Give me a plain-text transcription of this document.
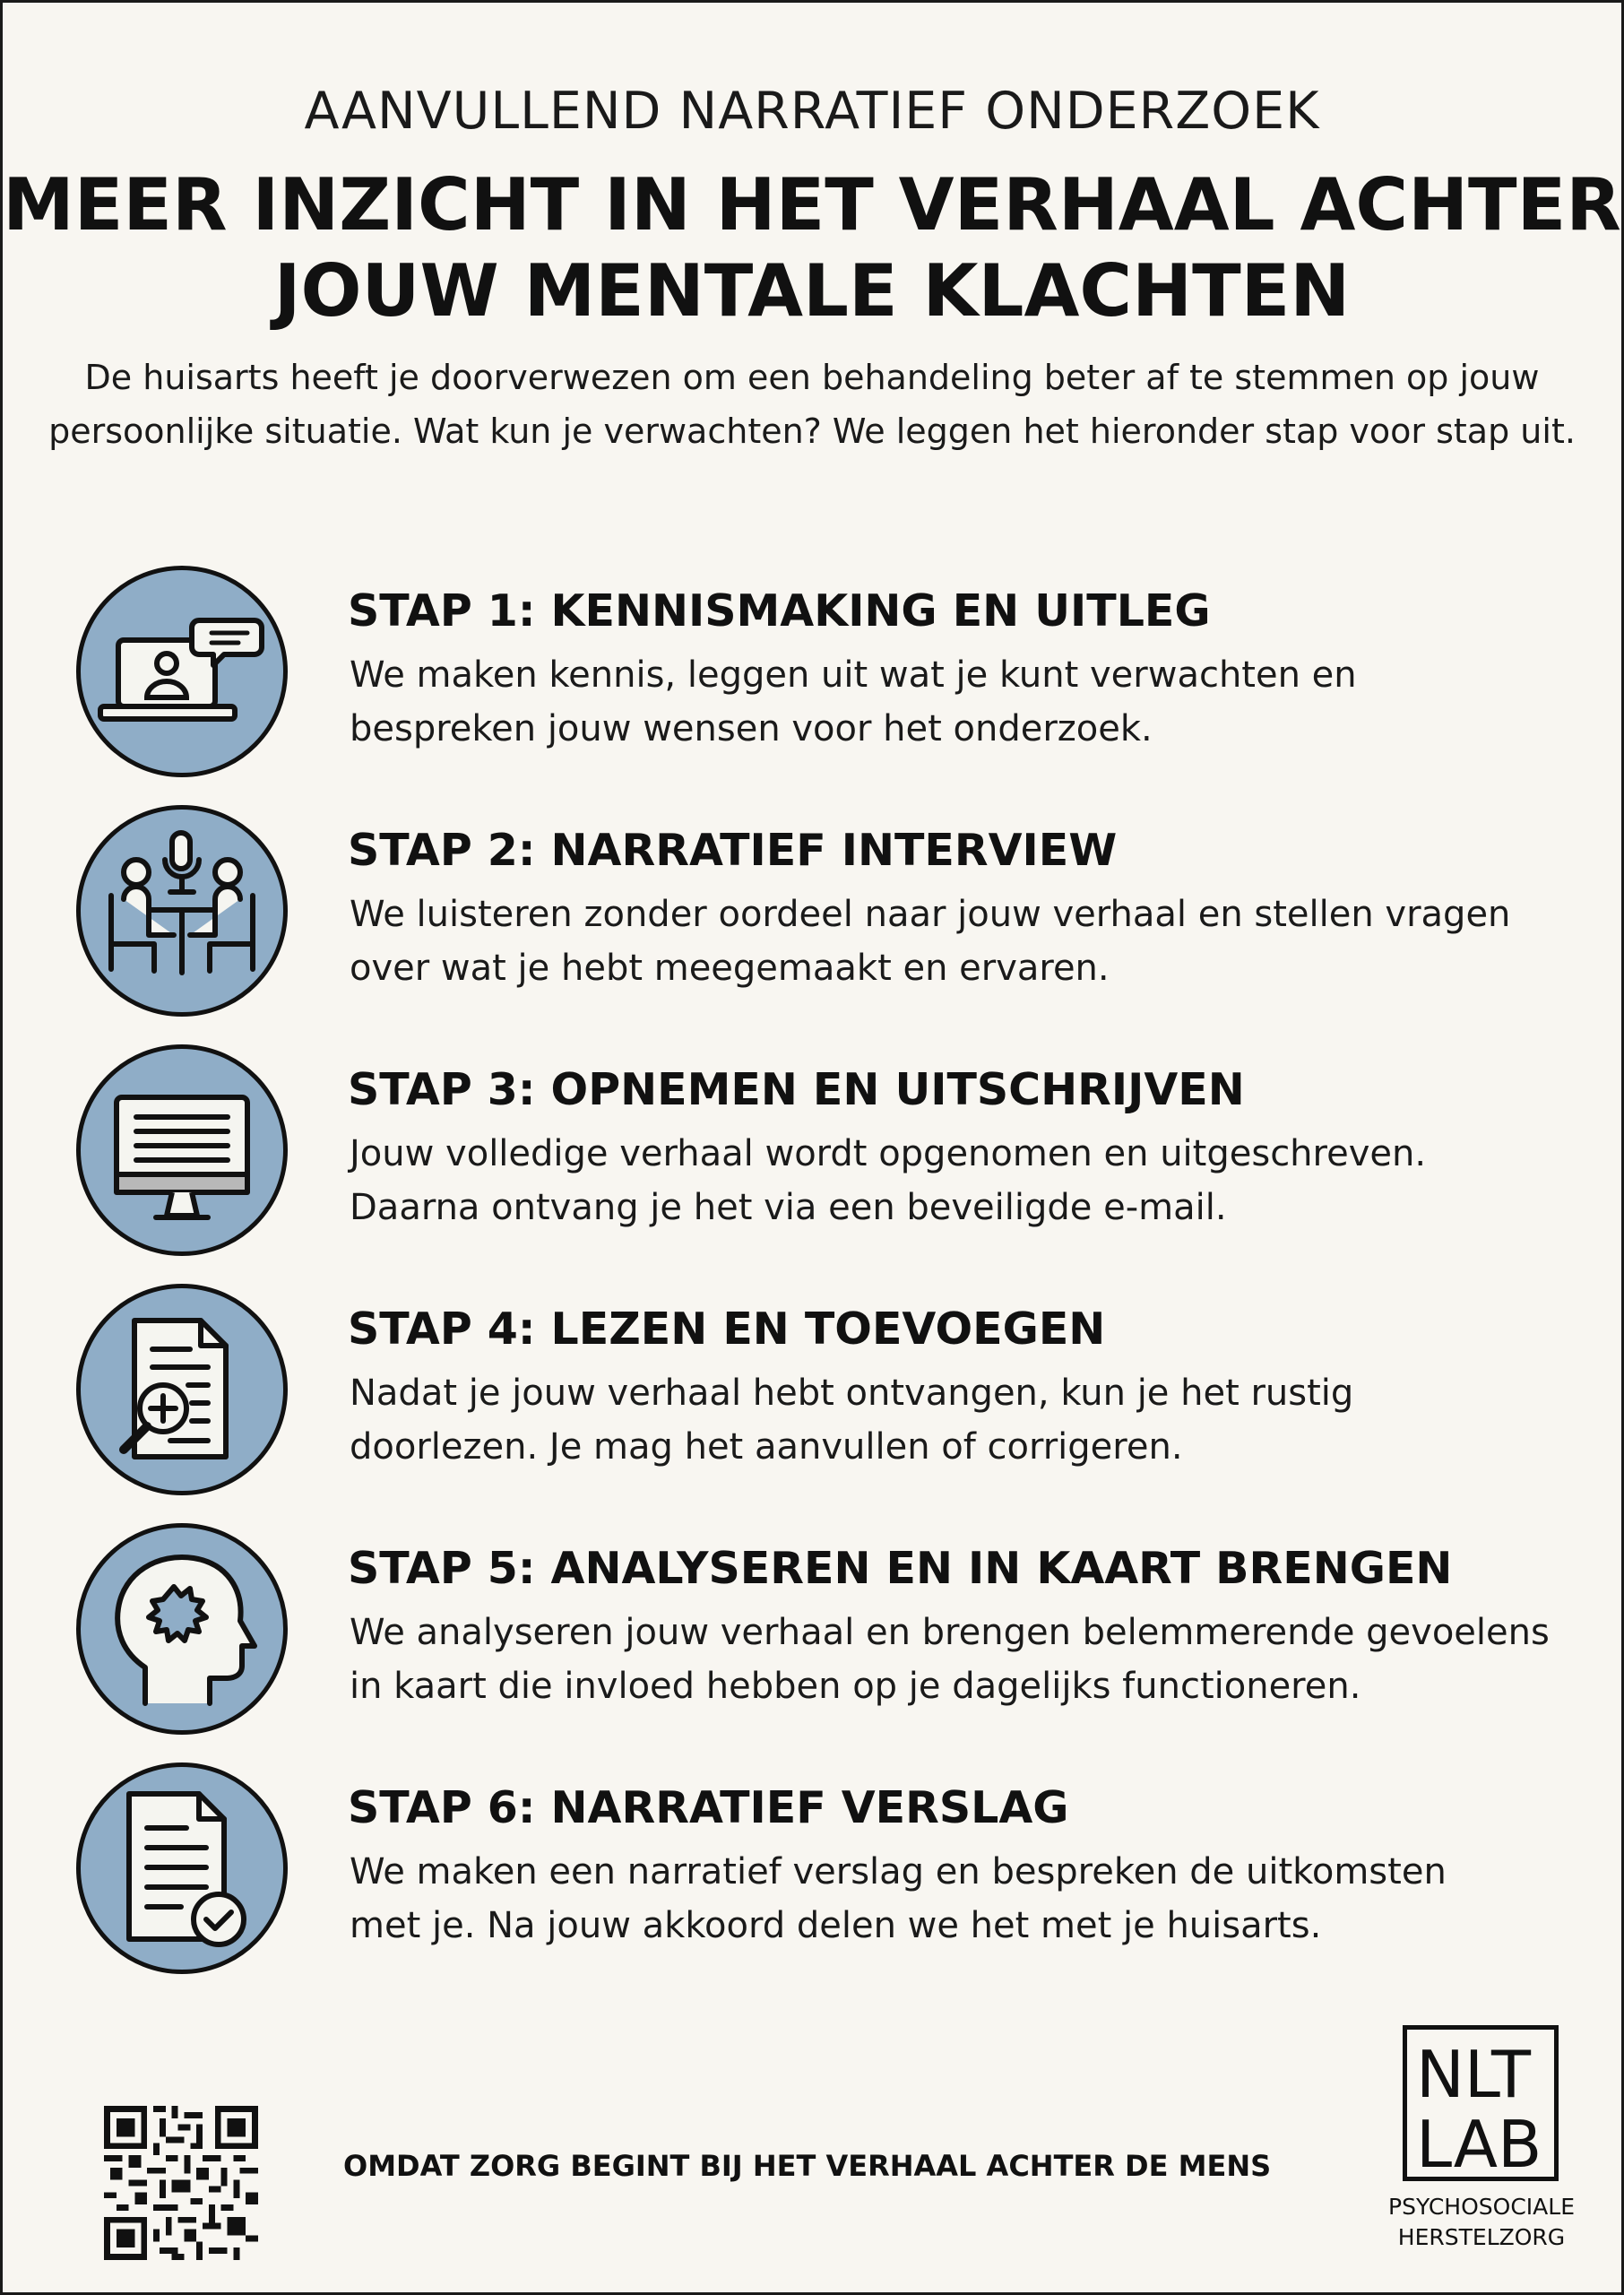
AANVULLEND NARRATIEF ONDERZOEK
MEER INZICHT IN HET VERHAAL ACHTER
JOUW MENTALE KLACHTEN
De huisarts heeft je doorverwezen om een behandeling beter af te stemmen op jouw
persoonlijke situatie. Wat kun je verwachten? We leggen het hieronder stap voor stap uit.
STAP 1: KENNISMAKING EN UITLEG
We maken kennis, leggen uit wat je kunt verwachten en
bespreken jouw wensen voor het onderzoek.
STAP 2: NARRATIEF INTERVIEW
We luisteren zonder oordeel naar jouw verhaal en stellen vragen
over wat je hebt meegemaakt en ervaren.
STAP 3: OPNEMEN EN UITSCHRIJVEN
Jouw volledige verhaal wordt opgenomen en uitgeschreven.
Daarna ontvang je het via een beveiligde e-mail.
STAP 4: LEZEN EN TOEVOEGEN
Nadat je jouw verhaal hebt ontvangen, kun je het rustig
doorlezen. Je mag het aanvullen of corrigeren.
STAP 5: ANALYSEREN EN IN KAART BRENGEN
We analyseren jouw verhaal en brengen belemmerende gevoelens
in kaart die invloed hebben op je dagelijks functioneren.
STAP 6: NARRATIEF VERSLAG
We maken een narratief verslag en bespreken de uitkomsten
met je. Na jouw akkoord delen we het met je huisarts.
OMDAT ZORG BEGINT BIJ HET VERHAAL ACHTER DE MENS
NLT
LAB
PSYCHOSOCIALE
HERSTELZORG
